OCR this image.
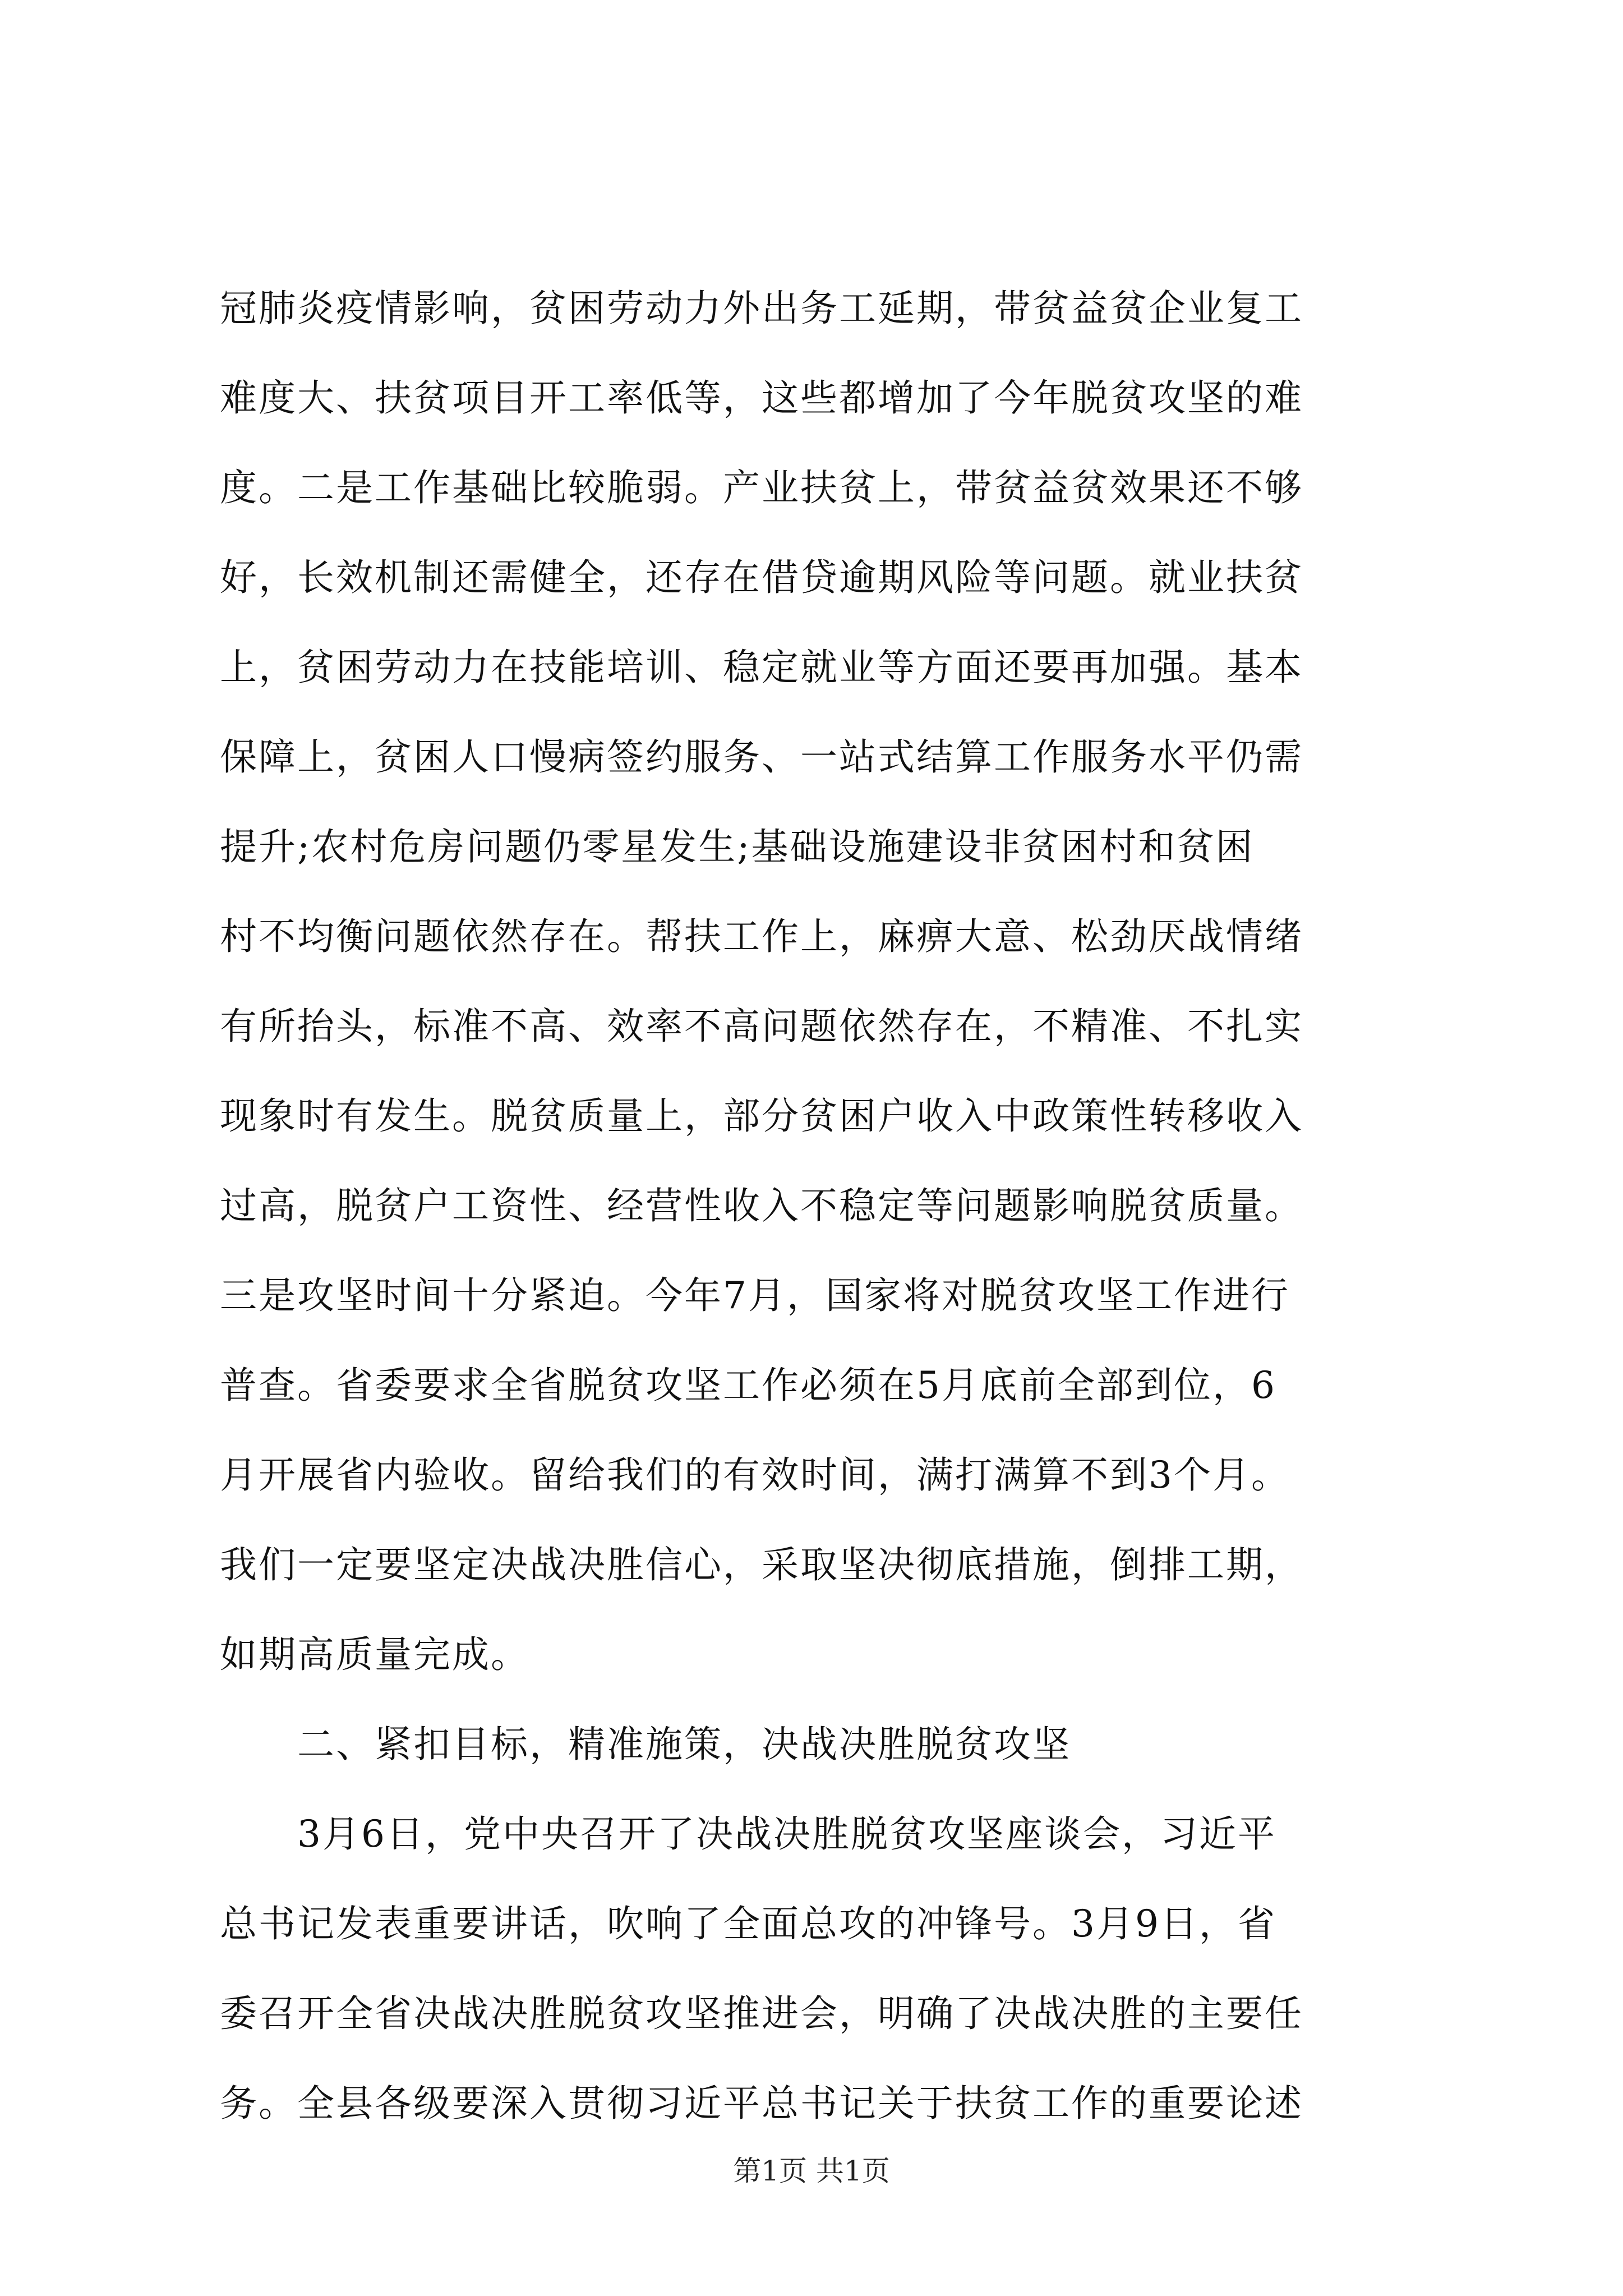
冠肺炎疫情影响，贫困劳动力外出务工延期，带贫益贫企业复工
难度大、扶贫项目开工率低等，这些都增加了今年脱贫攻坚的难
度。二是工作基础比较脆弱。产业扶贫上，带贫益贫效果还不够
好，长效机制还需健全，还存在借贷逾期风险等问题。就业扶贫
上，贫困劳动力在技能培训、稳定就业等方面还要再加强。基本
保障上，贫困人口慢病签约服务、一站式结算工作服务水平仍需
提升;农村危房问题仍零星发生;基础设施建设非贫困村和贫困
村不均衡问题依然存在。帮扶工作上，麻痹大意、松劲厌战情绪
有所抬头，标准不高、效率不高问题依然存在，不精准、不扎实
现象时有发生。脱贫质量上，部分贫困户收入中政策性转移收入
过高，脱贫户工资性、经营性收入不稳定等问题影响脱贫质量。
三是攻坚时间十分紧迫。今年7月，国家将对脱贫攻坚工作进行
普查。省委要求全省脱贫攻坚工作必须在5月底前全部到位，6
月开展省内验收。留给我们的有效时间，满打满算不到3个月。
我们一定要坚定决战决胜信心，采取坚决彻底措施，倒排工期，
如期高质量完成。
　　二、紧扣目标，精准施策，决战决胜脱贫攻坚
　　3月6日，党中央召开了决战决胜脱贫攻坚座谈会，习近平
总书记发表重要讲话，吹响了全面总攻的冲锋号。3月9日，省
委召开全省决战决胜脱贫攻坚推进会，明确了决战决胜的主要任
务。全县各级要深入贯彻习近平总书记关于扶贫工作的重要论述
第1页 共1页
